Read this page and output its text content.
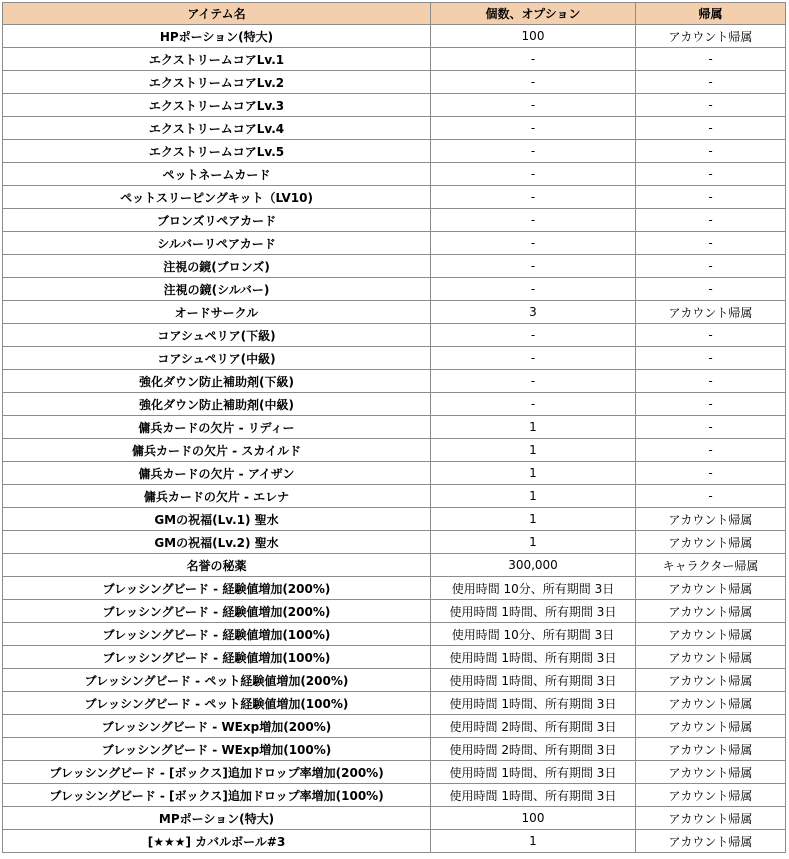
アイテム名	個数、オプション	帰属
HPポーション(特大)	100	アカウント帰属
エクストリームコアLv.1	-	-
エクストリームコアLv.2	-	-
エクストリームコアLv.3	-	-
エクストリームコアLv.4	-	-
エクストリームコアLv.5	-	-
ペットネームカード	-	-
ペットスリーピングキット（LV10)	-	-
ブロンズリペアカード	-	-
シルバーリペアカード	-	-
注視の鏡(ブロンズ)	-	-
注視の鏡(シルバー)	-	-
オードサークル	3	アカウント帰属
コアシュペリア(下級)	-	-
コアシュペリア(中級)	-	-
強化ダウン防止補助剤(下級)	-	-
強化ダウン防止補助剤(中級)	-	-
傭兵カードの欠片 - リディー	1	-
傭兵カードの欠片 - スカイルド	1	-
傭兵カードの欠片 - アイザン	1	-
傭兵カードの欠片 - エレナ	1	-
GMの祝福(Lv.1) 聖水	1	アカウント帰属
GMの祝福(Lv.2) 聖水	1	アカウント帰属
名誉の秘薬	300,000	キャラクター帰属
ブレッシングビード - 経験値増加(200%)	使用時間 10分、所有期間 3日	アカウント帰属
ブレッシングビード - 経験値増加(200%)	使用時間 1時間、所有期間 3日	アカウント帰属
ブレッシングビード - 経験値増加(100%)	使用時間 10分、所有期間 3日	アカウント帰属
ブレッシングビード - 経験値増加(100%)	使用時間 1時間、所有期間 3日	アカウント帰属
ブレッシングビード - ペット経験値増加(200%)	使用時間 1時間、所有期間 3日	アカウント帰属
ブレッシングビード - ペット経験値増加(100%)	使用時間 1時間、所有期間 3日	アカウント帰属
ブレッシングビード - WExp増加(200%)	使用時間 2時間、所有期間 3日	アカウント帰属
ブレッシングビード - WExp増加(100%)	使用時間 2時間、所有期間 3日	アカウント帰属
ブレッシングビード - [ボックス]追加ドロップ率増加(200%)	使用時間 1時間、所有期間 3日	アカウント帰属
ブレッシングビード - [ボックス]追加ドロップ率増加(100%)	使用時間 1時間、所有期間 3日	アカウント帰属
MPポーション(特大)	100	アカウント帰属
[★★★] カバルボール#3	1	アカウント帰属
